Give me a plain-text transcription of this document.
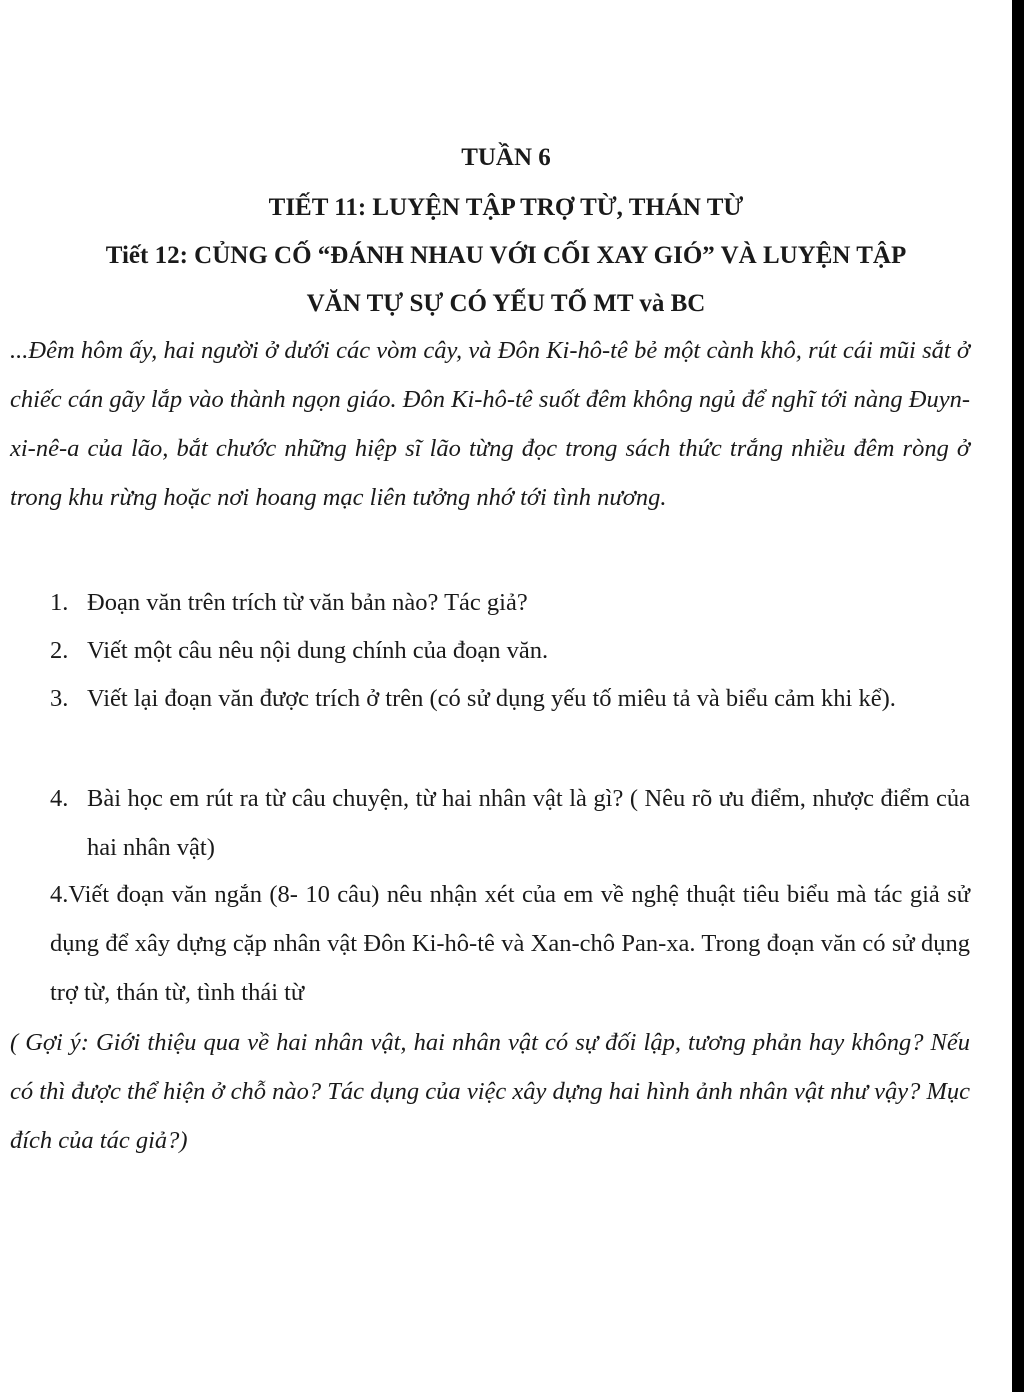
TUẦN 6

TIẾT 11: LUYỆN TẬP TRỢ TỪ, THÁN TỪ

Tiết 12: CỦNG CỐ “ĐÁNH NHAU VỚI CỐI XAY GIÓ” VÀ LUYỆN TẬP

VĂN TỰ SỰ CÓ YẾU TỐ MT và BC

...Đêm hôm ấy, hai người ở dưới các vòm cây, và Đôn Ki-hô-tê bẻ một cành khô, rút cái mũi sắt ở chiếc cán gãy lắp vào thành ngọn giáo. Đôn Ki-hô-tê suốt đêm không ngủ để nghĩ tới nàng Đuyn-xi-nê-a của lão, bắt chước những hiệp sĩ lão từng đọc trong sách thức trắng nhiều đêm ròng ở trong khu rừng hoặc nơi hoang mạc liên tưởng nhớ tới tình nương.

1. Đoạn văn trên trích từ văn bản nào? Tác giả?
2. Viết một câu nêu nội dung chính của đoạn văn.
3. Viết lại đoạn văn được trích ở trên (có sử dụng yếu tố miêu tả và biểu cảm khi kể).
4. Bài học em rút ra từ câu chuyện, từ hai nhân vật là gì? ( Nêu rõ ưu điểm, nhược điểm của hai nhân vật)

4.Viết đoạn văn ngắn (8- 10 câu) nêu nhận xét của em về nghệ thuật tiêu biểu mà tác giả sử dụng để xây dựng cặp nhân vật Đôn Ki-hô-tê và Xan-chô Pan-xa. Trong đoạn văn có sử dụng trợ từ, thán từ, tình thái từ

( Gợi ý: Giới thiệu qua về hai nhân vật, hai nhân vật có sự đối lập, tương phản hay không? Nếu có thì được thể hiện ở chỗ nào? Tác dụng của việc xây dựng hai hình ảnh nhân vật như vậy? Mục đích của tác giả?)
